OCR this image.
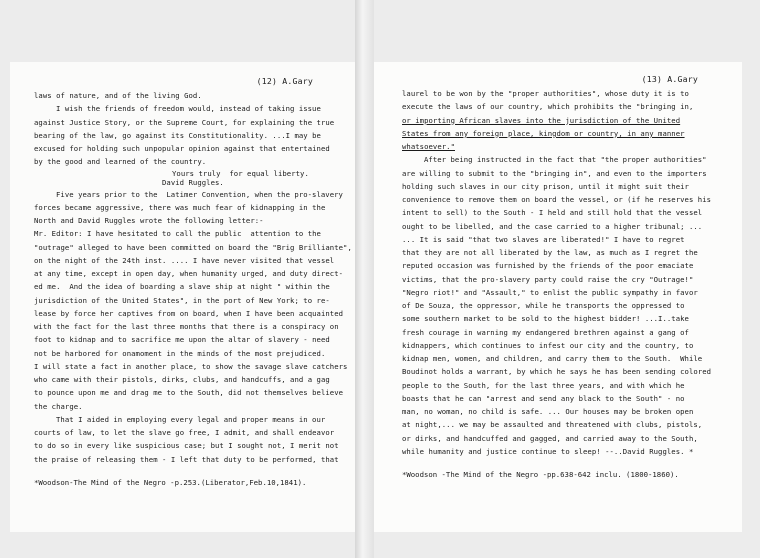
(12) A.Gary
laws of nature, and of the living God.
I wish the friends of freedom would, instead of taking issue
against Justice Story, or the Supreme Court, for explaining the true
bearing of the law, go against its Constitutionality. ...I may be
excused for holding such unpopular opinion against that entertained
by the good and learned of the country.
Yours truly  for equal liberty.
David Ruggles.
Five years prior to the  Latimer Convention, when the pro-slavery
forces became aggressive, there was much fear of kidnapping in the
North and David Ruggles wrote the following letter:-
Mr. Editor: I have hesitated to call the public  attention to the
"outrage" alleged to have been committed on board the "Brig Brilliante",
on the night of the 24th inst. .... I have never visited that vessel
at any time, except in open day, when humanity urged, and duty direct-
ed me.  And the idea of boarding a slave ship at night " within the
jurisdiction of the United States", in the port of New York; to re-
lease by force her captives from on board, when I have been acquainted
with the fact for the last three months that there is a conspiracy on
foot to kidnap and to sacrifice me upon the altar of slavery - need
not be harbored for onamoment in the minds of the most prejudiced.
I will state a fact in another place, to show the savage slave catchers
who came with their pistols, dirks, clubs, and handcuffs, and a gag
to pounce upon me and drag me to the South, did not themselves believe
the charge.
That I aided in employing every legal and proper means in our
courts of law, to let the slave go free, I admit, and shall endeavor
to do so in every like suspicious case; but I sought not, I merit not
the praise of releasing them - I left that duty to be performed, that
*Woodson-The Mind of the Negro -p.253.(Liberator,Feb.10,1841).
(13) A.Gary
laurel to be won by the "proper authorities", whose duty it is to
execute the laws of our country, which prohibits the "bringing in,
or importing African slaves into the jurisdiction of the United
States from any foreign place, kingdom or country, in any manner
whatsoever."
After being instructed in the fact that "the proper authorities"
are willing to submit to the "bringing in", and even to the importers
holding such slaves in our city prison, until it might suit their
convenience to remove them on board the vessel, or (if he reserves his
intent to sell) to the South - I held and still hold that the vessel
ought to be libelled, and the case carried to a higher tribunal; ...
... It is said "that two slaves are liberated!" I have to regret
that they are not all liberated by the law, as much as I regret the
reputed occasion was furnished by the friends of the poor emaciate
victims, that the pro-slavery party could raise the cry "Outrage!"
"Negro riot!" and "Assault," to enlist the public sympathy in favor
of De Souza, the oppressor, while he transports the oppressed to
some southern market to be sold to the highest bidder! ...I..take
fresh courage in warning my endangered brethren against a gang of
kidnappers, which continues to infest our city and the country, to
kidnap men, women, and children, and carry them to the South.  While
Boudinot holds a warrant, by which he says he has been sending colored
people to the South, for the last three years, and with which he
boasts that he can "arrest and send any black to the South" - no
man, no woman, no child is safe. ... Our houses may be broken open
at night,... we may be assaulted and threatened with clubs, pistols,
or dirks, and handcuffed and gagged, and carried away to the South,
while humanity and justice continue to sleep! --..David Ruggles. *
*Woodson -The Mind of the Negro -pp.638-642 inclu. (1800-1860).
